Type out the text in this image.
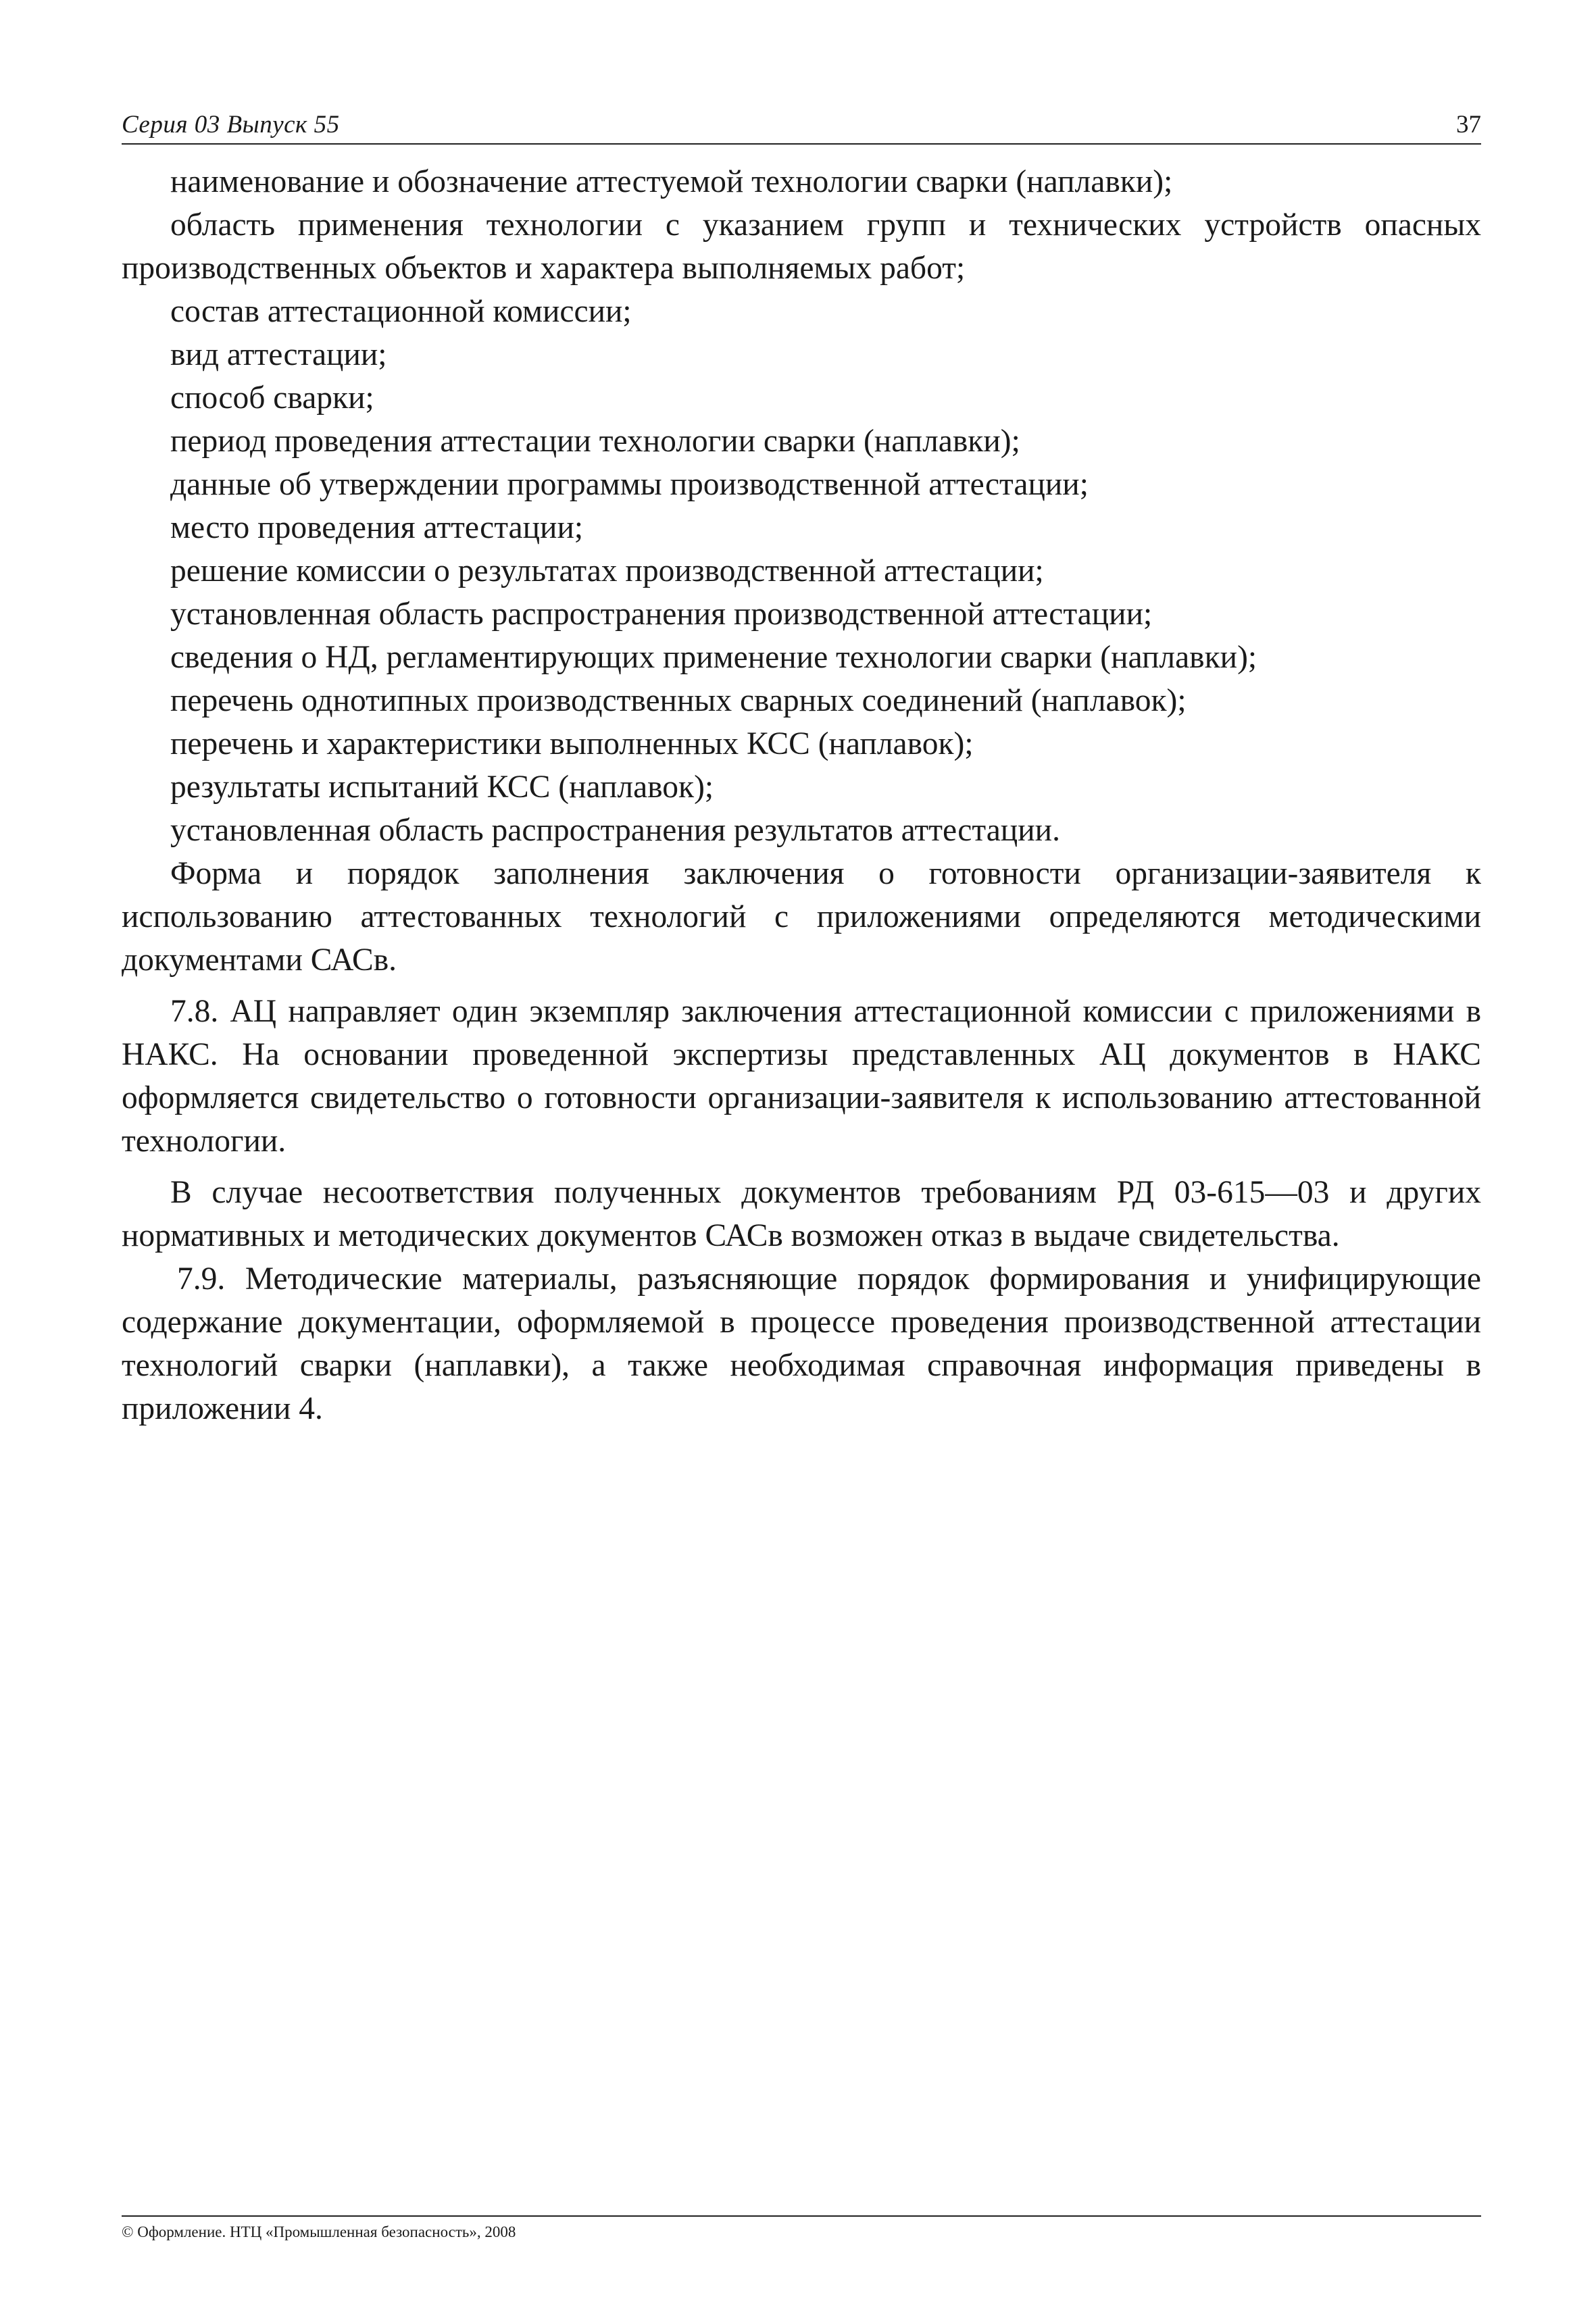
Серия 03 Выпуск 55	37

наименование и обозначение аттестуемой технологии сварки (наплавки);

область применения технологии с указанием групп и технических устройств опасных производственных объектов и характера выполняемых работ;

состав аттестационной комиссии;

вид аттестации;

способ сварки;

период проведения аттестации технологии сварки (наплавки);

данные об утверждении программы производственной аттестации;

место проведения аттестации;

решение комиссии о результатах производственной аттестации;

установленная область распространения производственной аттестации;

сведения о НД, регламентирующих применение технологии сварки (наплавки);

перечень однотипных производственных сварных соединений (наплавок);

перечень и характеристики выполненных КСС (наплавок);

результаты испытаний КСС (наплавок);

установленная область распространения результатов аттестации.

Форма и порядок заполнения заключения о готовности организации-заявителя к использованию аттестованных технологий с приложениями определяются методическими документами САСв.

7.8. АЦ направляет один экземпляр заключения аттестационной комиссии с приложениями в НАКС. На основании проведенной экспертизы представленных АЦ документов в НАКС оформляется свидетельство о готовности организации-заявителя к использованию аттестованной технологии.

В случае несоответствия полученных документов требованиям РД 03-615—03 и других нормативных и методических документов САСв возможен отказ в выдаче свидетельства.

7.9. Методические материалы, разъясняющие порядок формирования и унифицирующие содержание документации, оформляемой в процессе проведения производственной аттестации технологий сварки (наплавки), а также необходимая справочная информация приведены в приложении 4.

© Оформление. НТЦ «Промышленная безопасность», 2008
